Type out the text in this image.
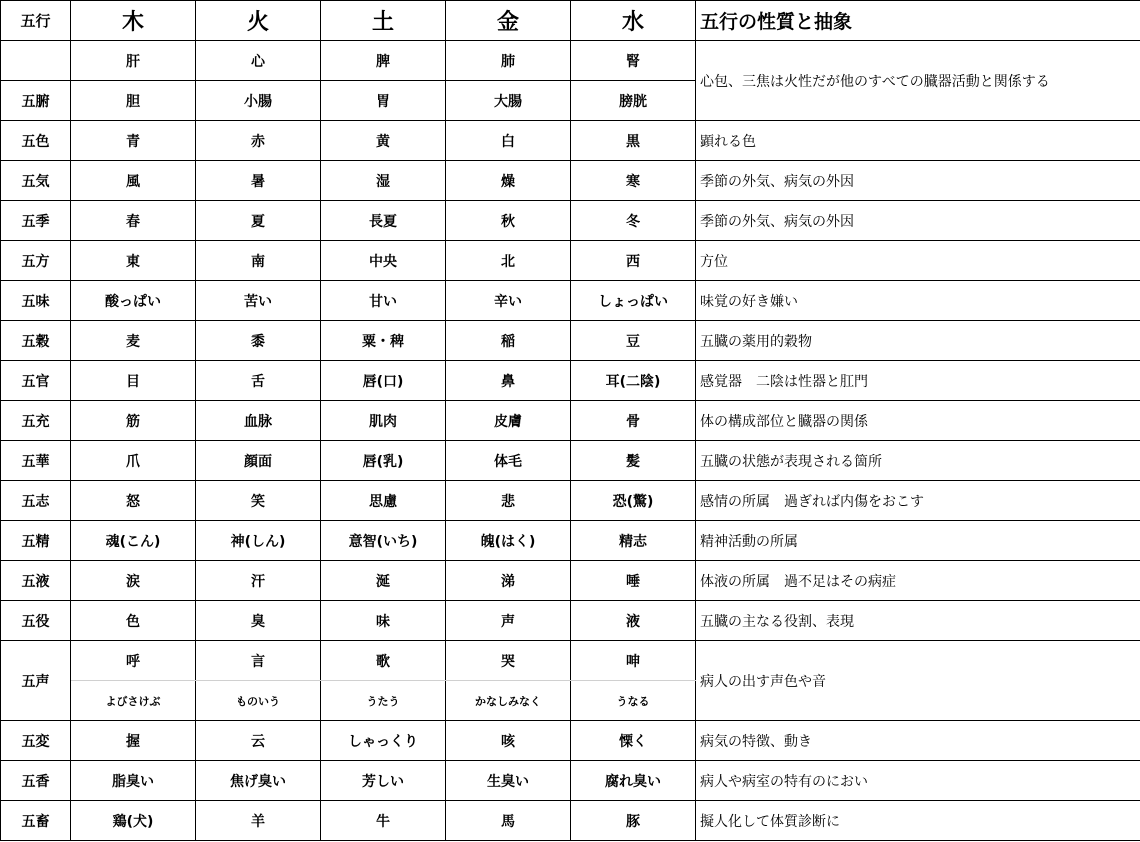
五行	木	火	土	金	水	五行の性質と抽象
	肝	心	脾	肺	腎	心包、三焦は火性だが他のすべての臓器活動と関係する
五腑	胆	小腸	胃	大腸	膀胱	
五色	青	赤	黄	白	黒	顕れる色
五気	風	暑	湿	燥	寒	季節の外気、病気の外因
五季	春	夏	長夏	秋	冬	季節の外気、病気の外因
五方	東	南	中央	北	西	方位
五味	酸っぱい	苦い	甘い	辛い	しょっぱい	味覚の好き嫌い
五穀	麦	黍	粟・稗	稲	豆	五臓の薬用的穀物
五官	目	舌	唇(口)	鼻	耳(二陰)	感覚器　二陰は性器と肛門
五充	筋	血脉	肌肉	皮膚	骨	体の構成部位と臓器の関係
五華	爪	顔面	唇(乳)	体毛	髪	五臓の状態が表現される箇所
五志	怒	笑	思慮	悲	恐(驚)	感情の所属　過ぎれば内傷をおこす
五精	魂(こん)	神(しん)	意智(いち)	魄(はく)	精志	精神活動の所属
五液	涙	汗	涎	涕	唾	体液の所属　過不足はその病症
五役	色	臭	味	声	液	五臓の主なる役割、表現
五声	呼	言	歌	哭	呻	病人の出す声色や音
	よびさけぶ	ものいう	うたう	かなしみなく	うなる	
五変	握	云	しゃっくり	咳	慄く	病気の特徴、動き
五香	脂臭い	焦げ臭い	芳しい	生臭い	腐れ臭い	病人や病室の特有のにおい
五畜	鶏(犬)	羊	牛	馬	豚	擬人化して体質診断に
